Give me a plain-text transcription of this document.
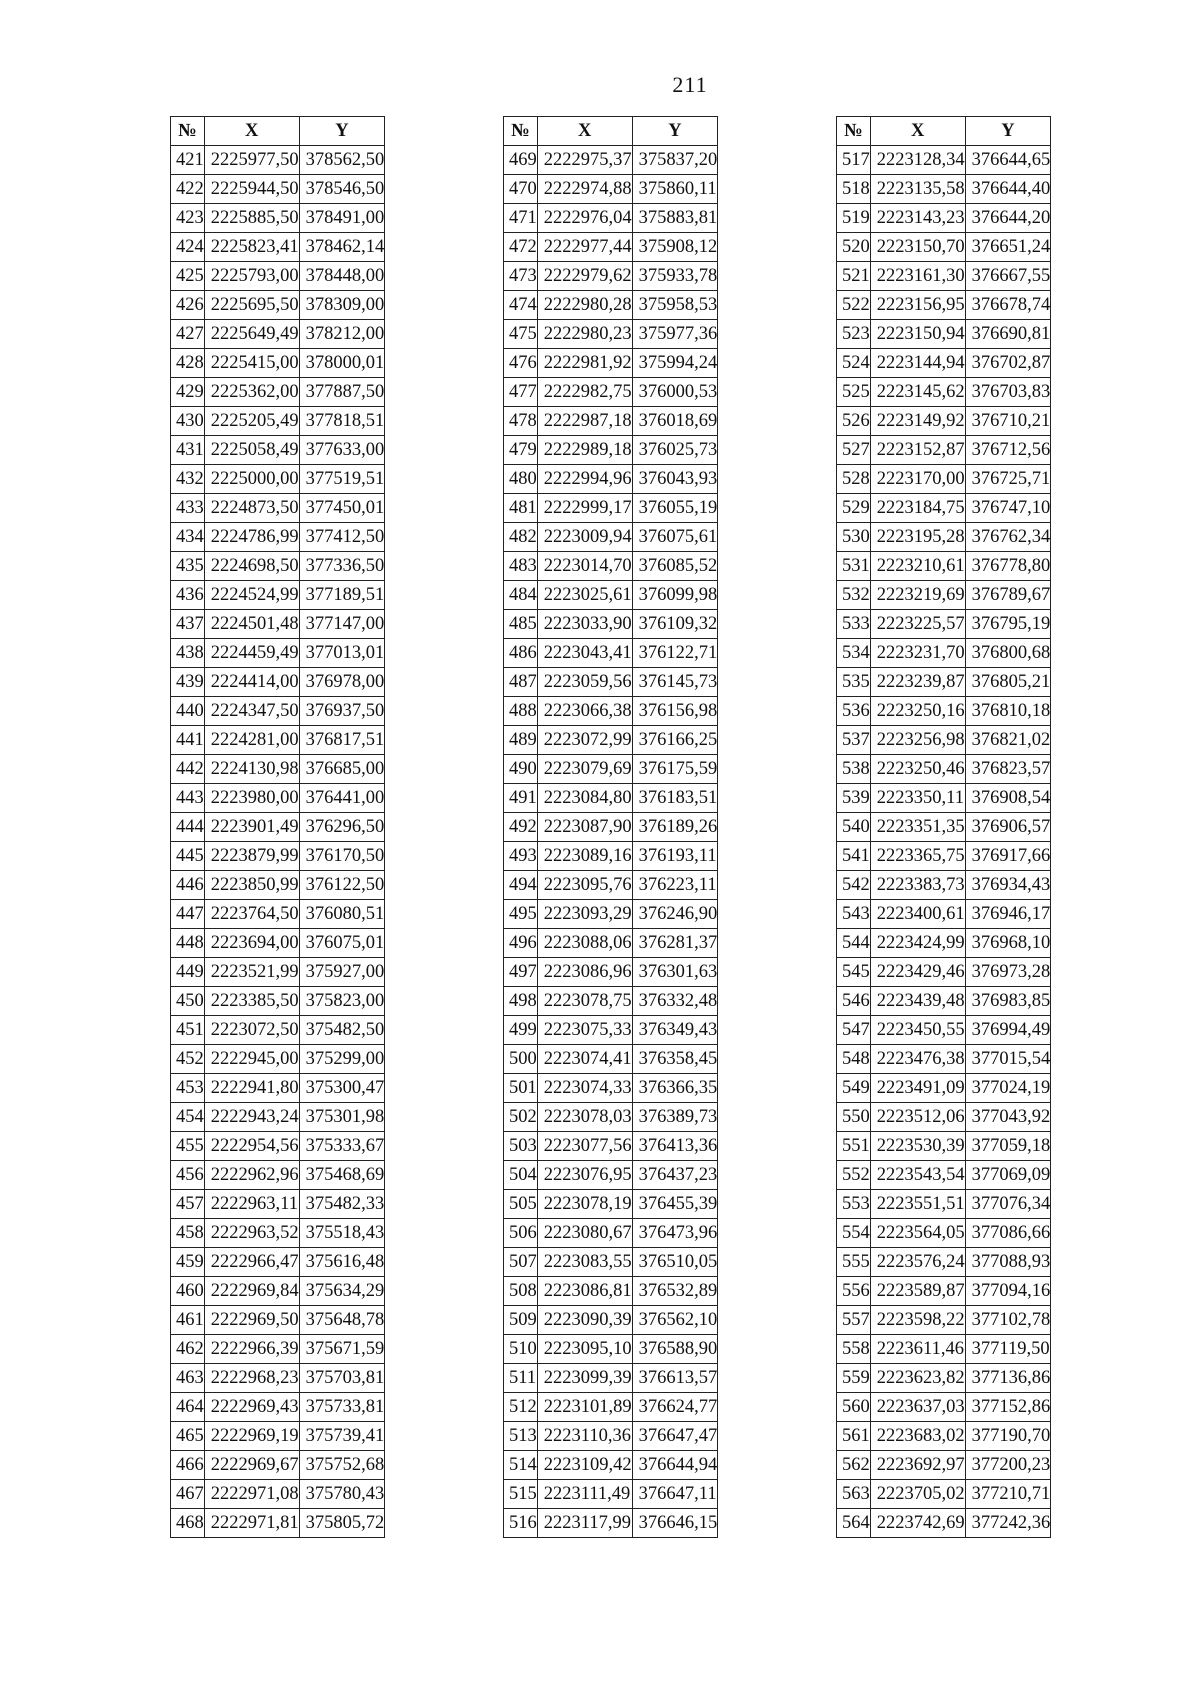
211
№	X	Y
421	2225977,50	378562,50
422	2225944,50	378546,50
423	2225885,50	378491,00
424	2225823,41	378462,14
425	2225793,00	378448,00
426	2225695,50	378309,00
427	2225649,49	378212,00
428	2225415,00	378000,01
429	2225362,00	377887,50
430	2225205,49	377818,51
431	2225058,49	377633,00
432	2225000,00	377519,51
433	2224873,50	377450,01
434	2224786,99	377412,50
435	2224698,50	377336,50
436	2224524,99	377189,51
437	2224501,48	377147,00
438	2224459,49	377013,01
439	2224414,00	376978,00
440	2224347,50	376937,50
441	2224281,00	376817,51
442	2224130,98	376685,00
443	2223980,00	376441,00
444	2223901,49	376296,50
445	2223879,99	376170,50
446	2223850,99	376122,50
447	2223764,50	376080,51
448	2223694,00	376075,01
449	2223521,99	375927,00
450	2223385,50	375823,00
451	2223072,50	375482,50
452	2222945,00	375299,00
453	2222941,80	375300,47
454	2222943,24	375301,98
455	2222954,56	375333,67
456	2222962,96	375468,69
457	2222963,11	375482,33
458	2222963,52	375518,43
459	2222966,47	375616,48
460	2222969,84	375634,29
461	2222969,50	375648,78
462	2222966,39	375671,59
463	2222968,23	375703,81
464	2222969,43	375733,81
465	2222969,19	375739,41
466	2222969,67	375752,68
467	2222971,08	375780,43
468	2222971,81	375805,72
№	X	Y
469	2222975,37	375837,20
470	2222974,88	375860,11
471	2222976,04	375883,81
472	2222977,44	375908,12
473	2222979,62	375933,78
474	2222980,28	375958,53
475	2222980,23	375977,36
476	2222981,92	375994,24
477	2222982,75	376000,53
478	2222987,18	376018,69
479	2222989,18	376025,73
480	2222994,96	376043,93
481	2222999,17	376055,19
482	2223009,94	376075,61
483	2223014,70	376085,52
484	2223025,61	376099,98
485	2223033,90	376109,32
486	2223043,41	376122,71
487	2223059,56	376145,73
488	2223066,38	376156,98
489	2223072,99	376166,25
490	2223079,69	376175,59
491	2223084,80	376183,51
492	2223087,90	376189,26
493	2223089,16	376193,11
494	2223095,76	376223,11
495	2223093,29	376246,90
496	2223088,06	376281,37
497	2223086,96	376301,63
498	2223078,75	376332,48
499	2223075,33	376349,43
500	2223074,41	376358,45
501	2223074,33	376366,35
502	2223078,03	376389,73
503	2223077,56	376413,36
504	2223076,95	376437,23
505	2223078,19	376455,39
506	2223080,67	376473,96
507	2223083,55	376510,05
508	2223086,81	376532,89
509	2223090,39	376562,10
510	2223095,10	376588,90
511	2223099,39	376613,57
512	2223101,89	376624,77
513	2223110,36	376647,47
514	2223109,42	376644,94
515	2223111,49	376647,11
516	2223117,99	376646,15
№	X	Y
517	2223128,34	376644,65
518	2223135,58	376644,40
519	2223143,23	376644,20
520	2223150,70	376651,24
521	2223161,30	376667,55
522	2223156,95	376678,74
523	2223150,94	376690,81
524	2223144,94	376702,87
525	2223145,62	376703,83
526	2223149,92	376710,21
527	2223152,87	376712,56
528	2223170,00	376725,71
529	2223184,75	376747,10
530	2223195,28	376762,34
531	2223210,61	376778,80
532	2223219,69	376789,67
533	2223225,57	376795,19
534	2223231,70	376800,68
535	2223239,87	376805,21
536	2223250,16	376810,18
537	2223256,98	376821,02
538	2223250,46	376823,57
539	2223350,11	376908,54
540	2223351,35	376906,57
541	2223365,75	376917,66
542	2223383,73	376934,43
543	2223400,61	376946,17
544	2223424,99	376968,10
545	2223429,46	376973,28
546	2223439,48	376983,85
547	2223450,55	376994,49
548	2223476,38	377015,54
549	2223491,09	377024,19
550	2223512,06	377043,92
551	2223530,39	377059,18
552	2223543,54	377069,09
553	2223551,51	377076,34
554	2223564,05	377086,66
555	2223576,24	377088,93
556	2223589,87	377094,16
557	2223598,22	377102,78
558	2223611,46	377119,50
559	2223623,82	377136,86
560	2223637,03	377152,86
561	2223683,02	377190,70
562	2223692,97	377200,23
563	2223705,02	377210,71
564	2223742,69	377242,36
